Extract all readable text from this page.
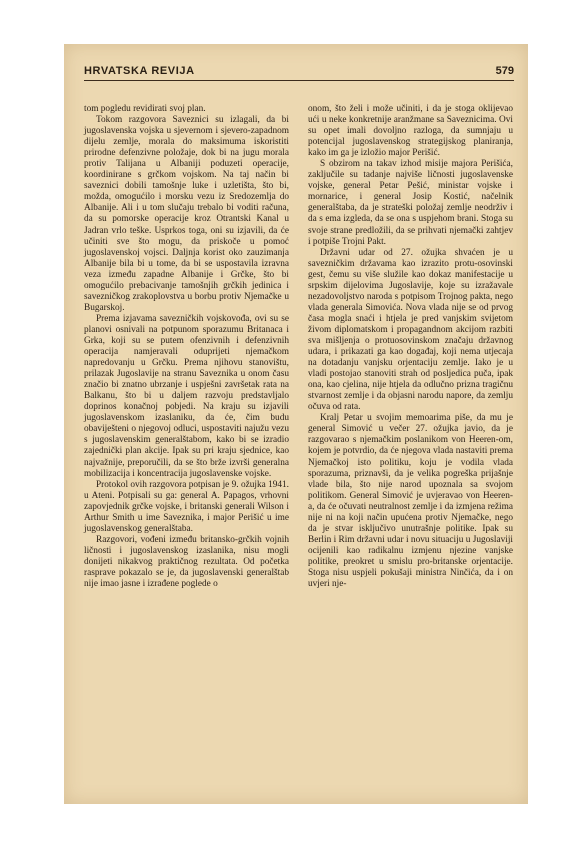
HRVATSKA REVIJA	579

tom pogledu revidirati svoj plan.

Tokom razgovora Saveznici su izlagali, da bi jugoslavenska vojska u sjevernom i sjevero-zapadnom dijelu zemlje, morala do maksimuma iskoristiti prirodne defenzivne položaje, dok bi na jugu morala protiv Talijana u Albaniji poduzeti operacije, koordinirane s grčkom vojskom. Na taj način bi saveznici dobili tamošnje luke i uzletišta, što bi, možda, omogućilo i morsku vezu iz Sredozemlja do Albanije. Ali i u tom slučaju trebalo bi voditi računa, da su pomorske operacije kroz Otrantski Kanal u Jadran vrlo teške. Usprkos toga, oni su izjavili, da će učiniti sve što mogu, da priskoče u pomoć jugoslavenskoj vojsci. Daljnja korist oko zauzimanja Albanije bila bi u tome, da bi se uspostavila izravna veza između zapadne Albanije i Grčke, što bi omogućilo prebacivanje tamošnjih grčkih jedinica i savezničkog zrakoplovstva u borbu protiv Njemačke u Bugarskoj.

Prema izjavama savezničkih vojskovođa, ovi su se planovi osnivali na potpunom sporazumu Britanaca i Grka, koji su se putem ofenzivnih i defenzivnih operacija namjeravali oduprijeti njemačkom napredovanju u Grčku. Prema njihovu stanovištu, prilazak Jugoslavije na stranu Saveznika u onom času značio bi znatno ubrzanje i uspješni završetak rata na Balkanu, što bi u daljem razvoju predstavljalo doprinos konačnoj pobjedi. Na kraju su izjavili jugoslavenskom izaslaniku, da će, čim budu obaviješteni o njegovoj odluci, uspostaviti najužu vezu s jugoslavenskim generalštabom, kako bi se izradio zajednički plan akcije. Ipak su pri kraju sjednice, kao najvažnije, preporučili, da se što brže izvrši generalna mobilizacija i koncentracija jugoslavenske vojske.

Protokol ovih razgovora potpisan je 9. ožujka 1941. u Ateni. Potpisali su ga: general A. Papagos, vrhovni zapovjednik grčke vojske, i britanski generali Wilson i Arthur Smith u ime Saveznika, i major Perišić u ime jugoslavenskog generalštaba.

Razgovori, vođeni između britansko-grčkih vojnih ličnosti i jugoslavenskog izaslanika, nisu mogli donijeti nikakvog praktičnog rezultata. Od početka rasprave pokazalo se je, da jugoslavenski generalštab nije imao jasne i izrađene poglede o

onom, što želi i može učiniti, i da je stoga oklijevao ući u neke konkretnije aranžmane sa Saveznicima. Ovi su opet imali dovoljno razloga, da sumnjaju u potencijal jugoslavenskog strategijskog planiranja, kako im ga je izložio major Perišić.

S obzirom na takav izhod misije majora Perišića, zaključile su tadanje najviše ličnosti jugoslavenske vojske, general Petar Pešić, ministar vojske i mornarice, i general Josip Kostić, načelnik generalštaba, da je strateški položaj zemlje neodrživ i da s ema izgleda, da se ona s uspjehom brani. Stoga su svoje strane predložili, da se prihvati njemački zahtjev i potpiše Trojni Pakt.

Državni udar od 27. ožujka shvaćen je u savezničkim državama kao izrazito protu-osovinski gest, čemu su više služile kao dokaz manifestacije u srpskim dijelovima Jugoslavije, koje su izražavale nezadovoljstvo naroda s potpisom Trojnog pakta, nego vlada generala Simovića. Nova vlada nije se od prvog časa mogla snaći i htjela je pred vanjskim svijetom živom diplomatskom i propagandnom akcijom razbiti sva mišljenja o protuosovinskom značaju državnog udara, i prikazati ga kao događaj, koji nema utjecaja na dotadanju vanjsku orjentaciju zemlje. Iako je u vladi postojao stanoviti strah od posljedica puča, ipak ona, kao cjelina, nije htjela da odlučno prizna tragičnu stvarnost zemlje i da objasni narodu napore, da zemlju očuva od rata.

Kralj Petar u svojim memoarima piše, da mu je general Simović u večer 27. ožujka javio, da je razgovarao s njemačkim poslanikom von Heeren-om, kojem je potvrdio, da će njegova vlada nastaviti prema Njemačkoj isto politiku, koju je vodila vlada sporazuma, priznavši, da je velika pogreška prijašnje vlade bila, što nije narod upoznala sa svojom politikom. General Simović je uvjeravao von Heeren-a, da će očuvati neutralnost zemlje i da izmjena režima nije ni na koji način upućena protiv Njemačke, nego da je stvar isključivo unutrašnje politike. Ipak su Berlin i Rim državni udar i novu situaciju u Jugoslaviji ocijenili kao radikalnu izmjenu njezine vanjske politike, preokret u smislu pro-britanske orjentacije. Stoga nisu uspjeli pokušaji ministra Ninčića, da i on uvjeri nje-
